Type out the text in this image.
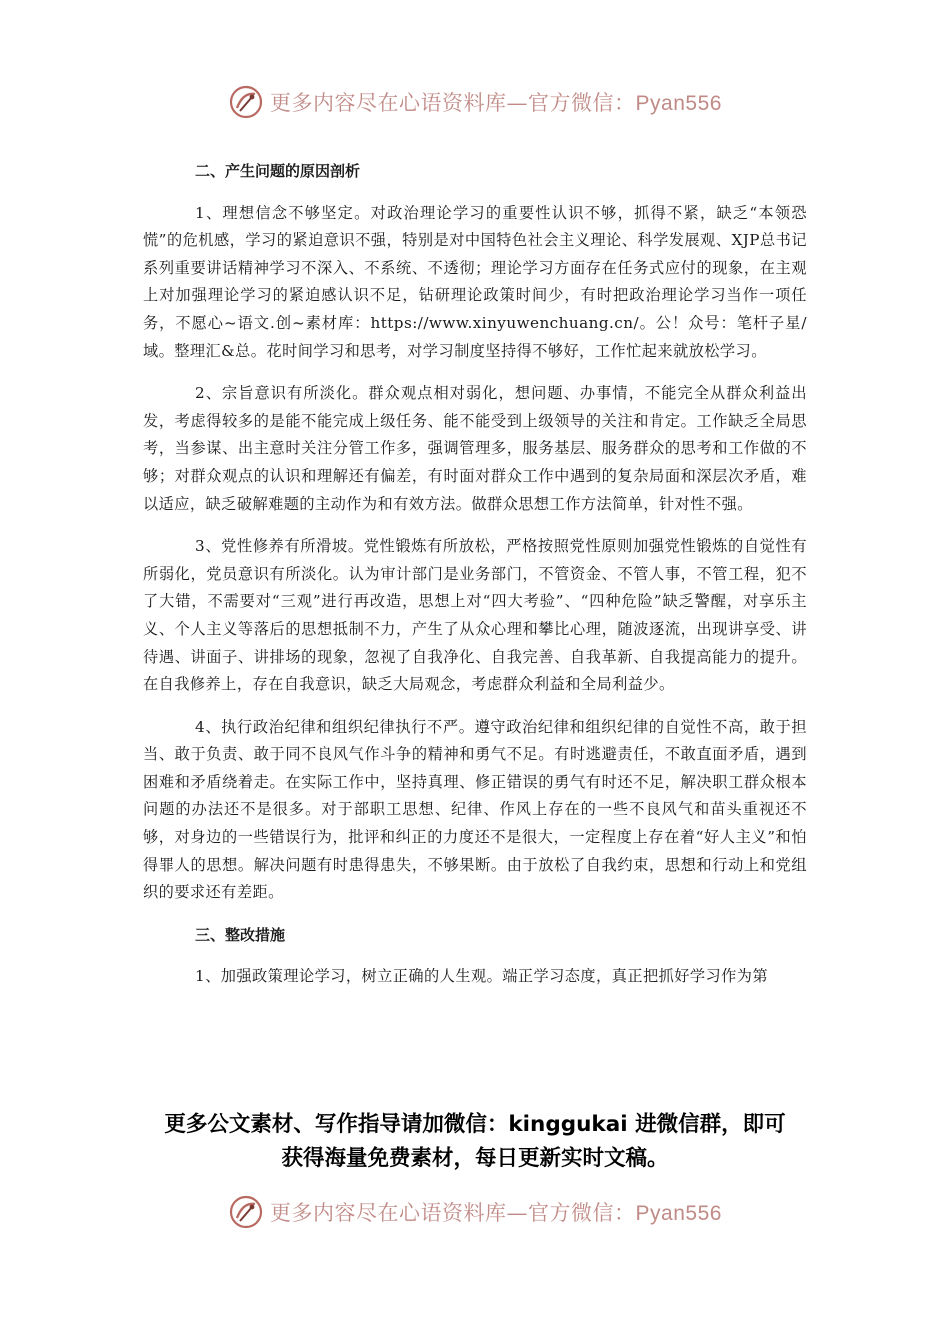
更多内容尽在心语资料库—官方微信：Pyan556

二、产生问题的原因剖析

1、理想信念不够坚定。对政治理论学习的重要性认识不够，抓得不紧，缺乏“本领恐慌”的危机感，学习的紧迫意识不强，特别是对中国特色社会主义理论、科学发展观、XJP总书记系列重要讲话精神学习不深入、不系统、不透彻；理论学习方面存在任务式应付的现象，在主观上对加强理论学习的紧迫感认识不足，钻研理论政策时间少，有时把政治理论学习当作一项任务，不愿心~语文.创~素材库：https://www.xinyuwenchuang.cn/。公！众号：笔杆子星/域。整理汇&总。花时间学习和思考，对学习制度坚持得不够好，工作忙起来就放松学习。

2、宗旨意识有所淡化。群众观点相对弱化，想问题、办事情，不能完全从群众利益出发，考虑得较多的是能不能完成上级任务、能不能受到上级领导的关注和肯定。工作缺乏全局思考，当参谋、出主意时关注分管工作多，强调管理多，服务基层、服务群众的思考和工作做的不够；对群众观点的认识和理解还有偏差，有时面对群众工作中遇到的复杂局面和深层次矛盾，难以适应，缺乏破解难题的主动作为和有效方法。做群众思想工作方法简单，针对性不强。

3、党性修养有所滑坡。党性锻炼有所放松，严格按照党性原则加强党性锻炼的自觉性有所弱化，党员意识有所淡化。认为审计部门是业务部门，不管资金、不管人事，不管工程，犯不了大错，不需要对“三观”进行再改造，思想上对“四大考验”、“四种危险”缺乏警醒，对享乐主义、个人主义等落后的思想抵制不力，产生了从众心理和攀比心理，随波逐流，出现讲享受、讲待遇、讲面子、讲排场的现象，忽视了自我净化、自我完善、自我革新、自我提高能力的提升。在自我修养上，存在自我意识，缺乏大局观念，考虑群众利益和全局利益少。

4、执行政治纪律和组织纪律执行不严。遵守政治纪律和组织纪律的自觉性不高，敢于担当、敢于负责、敢于同不良风气作斗争的精神和勇气不足。有时逃避责任，不敢直面矛盾，遇到困难和矛盾绕着走。在实际工作中，坚持真理、修正错误的勇气有时还不足，解决职工群众根本问题的办法还不是很多。对于部职工思想、纪律、作风上存在的一些不良风气和苗头重视还不够，对身边的一些错误行为，批评和纠正的力度还不是很大，一定程度上存在着“好人主义”和怕得罪人的思想。解决问题有时患得患失，不够果断。由于放松了自我约束，思想和行动上和党组织的要求还有差距。

三、整改措施

1、加强政策理论学习，树立正确的人生观。端正学习态度，真正把抓好学习作为第

更多公文素材、写作指导请加微信：kinggukai 进微信群，即可
获得海量免费素材，每日更新实时文稿。
更多内容尽在心语资料库—官方微信：Pyan556
